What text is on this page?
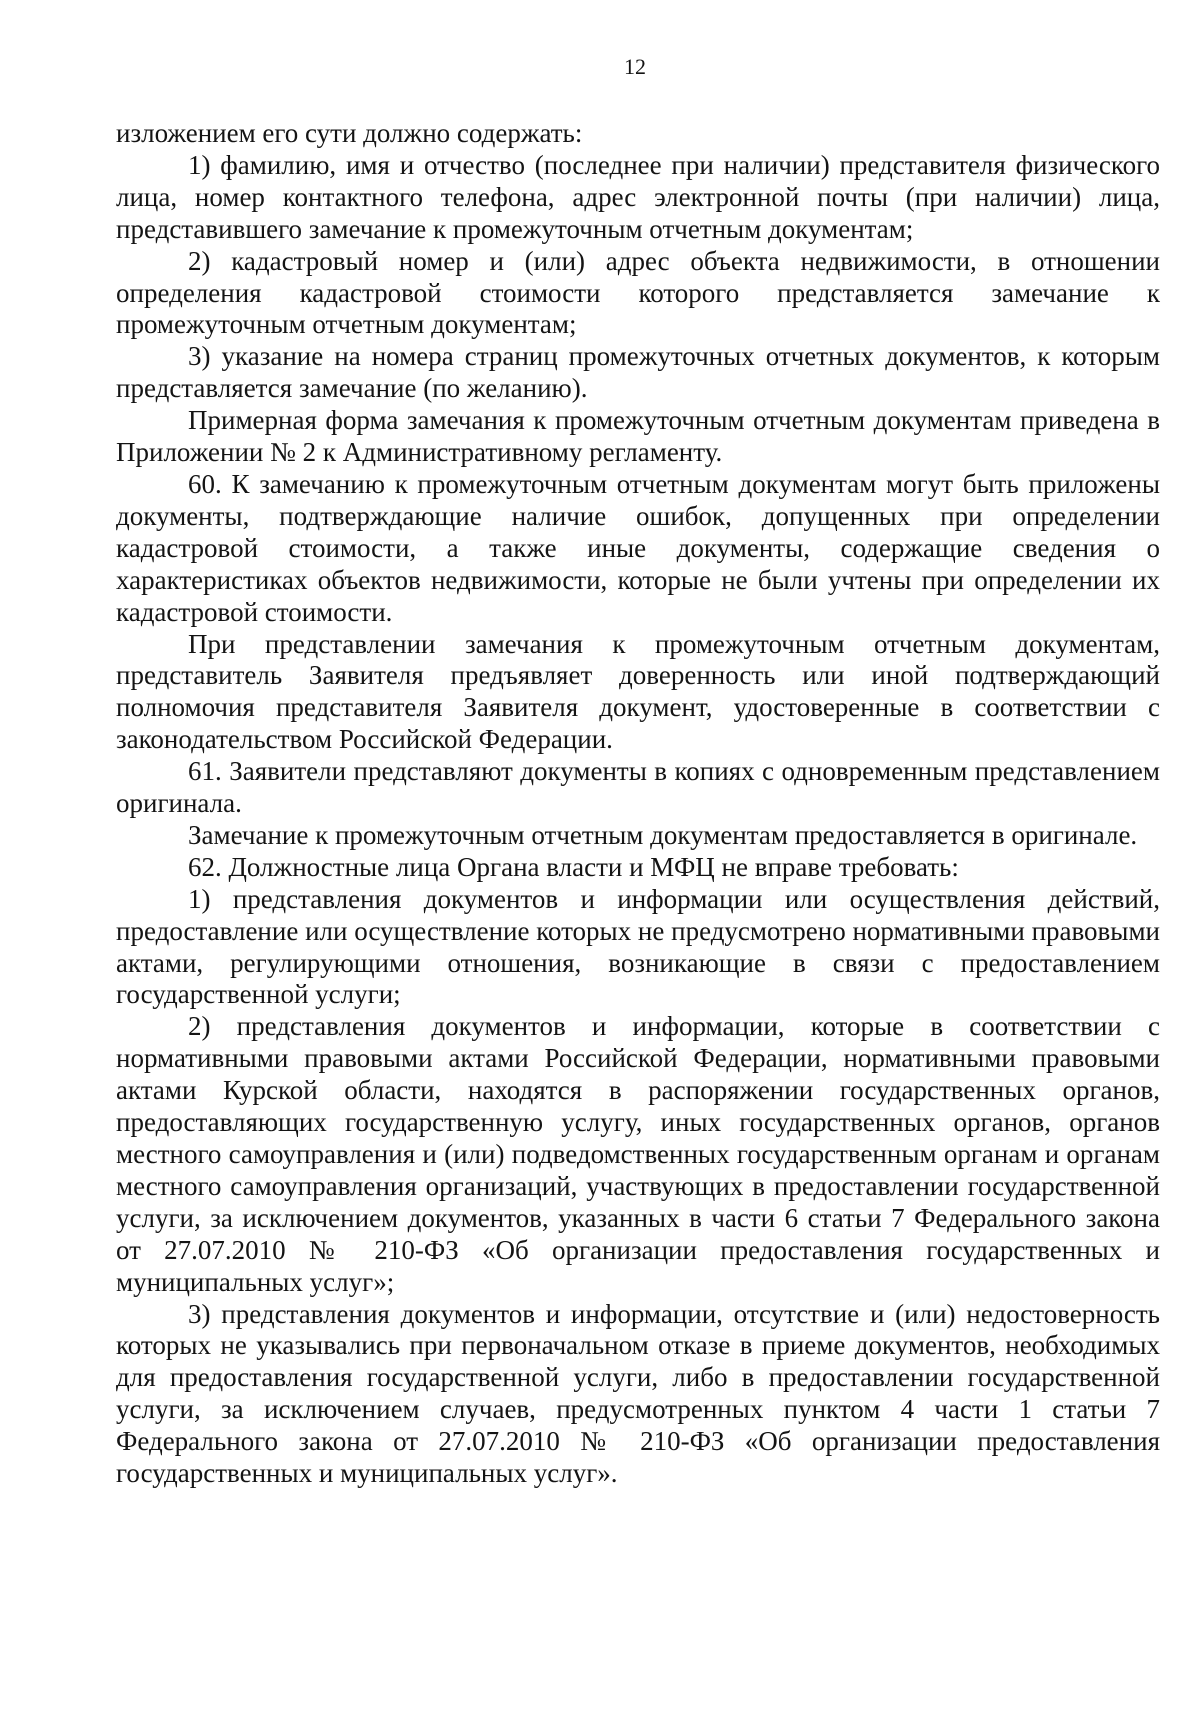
12

изложением его сути должно содержать:

1) фамилию, имя и отчество (последнее при наличии) представителя физического лица, номер контактного телефона, адрес электронной почты (при наличии) лица, представившего замечание к промежуточным отчетным документам;

2) кадастровый номер и (или) адрес объекта недвижимости, в отношении определения кадастровой стоимости которого представляется замечание к промежуточным отчетным документам;

3) указание на номера страниц промежуточных отчетных документов, к которым представляется замечание (по желанию).

Примерная форма замечания к промежуточным отчетным документам приведена в Приложении № 2 к Административному регламенту.

60. К замечанию к промежуточным отчетным документам могут быть приложены документы, подтверждающие наличие ошибок, допущенных при определении кадастровой стоимости, а также иные документы, содержащие сведения о характеристиках объектов недвижимости, которые не были учтены при определении их кадастровой стоимости.

При представлении замечания к промежуточным отчетным документам, представитель Заявителя предъявляет доверенность или иной подтверждающий полномочия представителя Заявителя документ, удостоверенные в соответствии с законодательством Российской Федерации.

61. Заявители представляют документы в копиях с одновременным представлением оригинала.

Замечание к промежуточным отчетным документам предоставляется в оригинале.

62. Должностные лица Органа власти и МФЦ не вправе требовать:

1) представления документов и информации или осуществления действий, предоставление или осуществление которых не предусмотрено нормативными правовыми актами, регулирующими отношения, возникающие в связи с предоставлением государственной услуги;

2) представления документов и информации, которые в соответствии с нормативными правовыми актами Российской Федерации, нормативными правовыми актами Курской области, находятся в распоряжении государственных органов, предоставляющих государственную услугу, иных государственных органов, органов местного самоуправления и (или) подведомственных государственным органам и органам местного самоуправления организаций, участвующих в предоставлении государственной услуги, за исключением документов, указанных в части 6 статьи 7 Федерального закона от 27.07.2010 № 210-ФЗ «Об организации предоставления государственных и муниципальных услуг»;

3) представления документов и информации, отсутствие и (или) недостоверность которых не указывались при первоначальном отказе в приеме документов, необходимых для предоставления государственной услуги, либо в предоставлении государственной услуги, за исключением случаев, предусмотренных пунктом 4 части 1 статьи 7 Федерального закона от 27.07.2010 № 210-ФЗ «Об организации предоставления государственных и муниципальных услуг».
